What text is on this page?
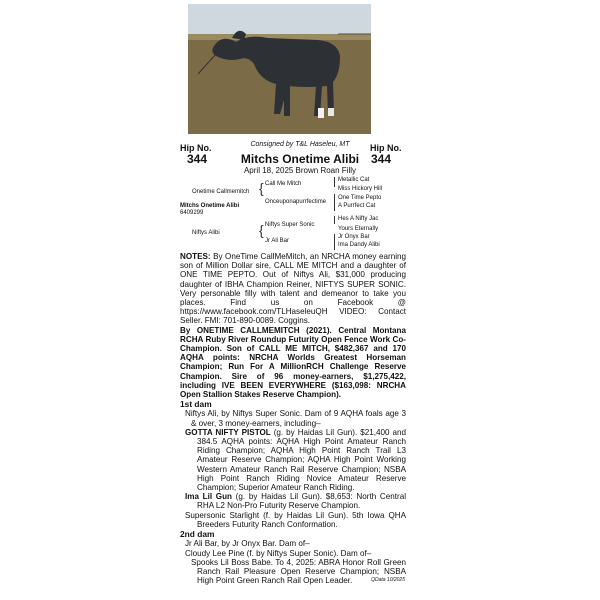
Consigned by T&L Haseleu, MT
Hip No.	Hip No.
344	344
Mitchs Onetime Alibi
April 18, 2025 Brown Roan Filly
Onetime Callmemitch
Mitchs Onetime Alibi
6409299
Niftys Alibi
{
{
Call Me Mitch
Onceuponapurrfectime
Niftys Super Sonic
Jr Ali Bar
Metallic Cat
Miss Hickory Hill
One Time Pepto
A Purrfect Cat
Hes A Nifty Jac
Yours Eternally
Jr Onyx Bar
Ima Dandy Alibi

NOTES: By OneTime CallMeMitch, an NRCHA money earning son of Million Dollar sire, CALL ME MITCH and a daughter of ONE TIME PEPTO. Out of Niftys Ali, $31,000 producing daughter of IBHA Champion Reiner, NIFTYS SUPER SONIC. Very personable filly with talent and demeanor to take you places. Find us on Facebook @ https://www.facebook.com/TLHaseleuQH VIDEO: Contact Seller. FMI: 701-890-0089. Coggins.

By ONETIME CALLMEMITCH (2021). Central Montana RCHA Ruby River Roundup Futurity Open Fence Work Co-Champion. Son of CALL ME MITCH, $482,367 and 170 AQHA points: NRCHA Worlds Greatest Horseman Champion; Run For A MillionRCH Challenge Reserve Champion. Sire of 96 money-earners, $1,275,422, including IVE BEEN EVERYWHERE ($163,098: NRCHA Open Stallion Stakes Reserve Champion).

1st dam

Niftys Ali, by Niftys Super Sonic. Dam of 9 AQHA foals age 3 & over, 3 money-earners, including–

GOTTA NIFTY PISTOL (g. by Haidas Lil Gun). $21,400 and 384.5 AQHA points: AQHA High Point Amateur Ranch Riding Champion; AQHA High Point Ranch Trail L3 Amateur Reserve Champion; AQHA High Point Working Western Amateur Ranch Rail Reserve Champion; NSBA High Point Ranch Riding Novice Amateur Reserve Champion; Superior Amateur Ranch Riding.

Ima Lil Gun (g. by Haidas Lil Gun). $8,653: North Central RHA L2 Non-Pro Futurity Reserve Champion.

Supersonic Starlight (f. by Haidas Lil Gun). 5th Iowa QHA Breeders Futurity Ranch Conformation.

2nd dam

Jr Ali Bar, by Jr Onyx Bar. Dam of–

Cloudy Lee Pine (f. by Niftys Super Sonic). Dam of–

Spooks Lil Boss Babe. To 4, 2025: ABRA Honor Roll Green Ranch Rail Pleasure Open Reserve Champion; NSBA High Point Green Ranch Rail Open Leader.	QData 10/2025
